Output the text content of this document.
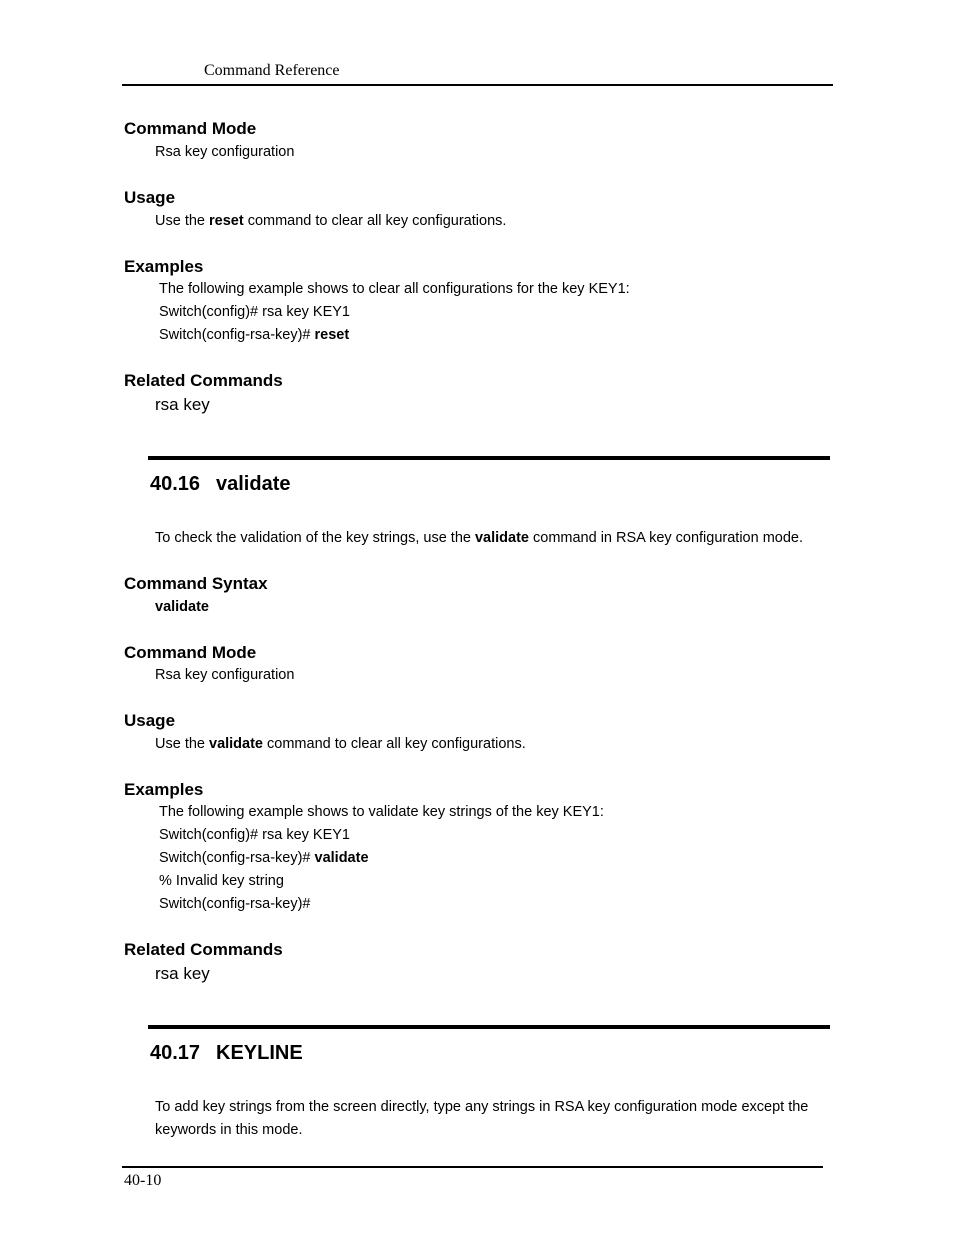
Command Reference
Command Mode
Rsa key configuration
Usage
Use the reset command to clear all key configurations.
Examples
The following example shows to clear all configurations for the key KEY1:
Switch(config)# rsa key KEY1
Switch(config-rsa-key)# reset
Related Commands
rsa key
40.16 validate
To check the validation of the key strings, use the validate command in RSA key configuration mode.
Command Syntax
validate
Command Mode
Rsa key configuration
Usage
Use the validate command to clear all key configurations.
Examples
The following example shows to validate key strings of the key KEY1:
Switch(config)# rsa key KEY1
Switch(config-rsa-key)# validate
% Invalid key string
Switch(config-rsa-key)#
Related Commands
rsa key
40.17 KEYLINE
To add key strings from the screen directly, type any strings in RSA key configuration mode except the
keywords in this mode.
40-10
